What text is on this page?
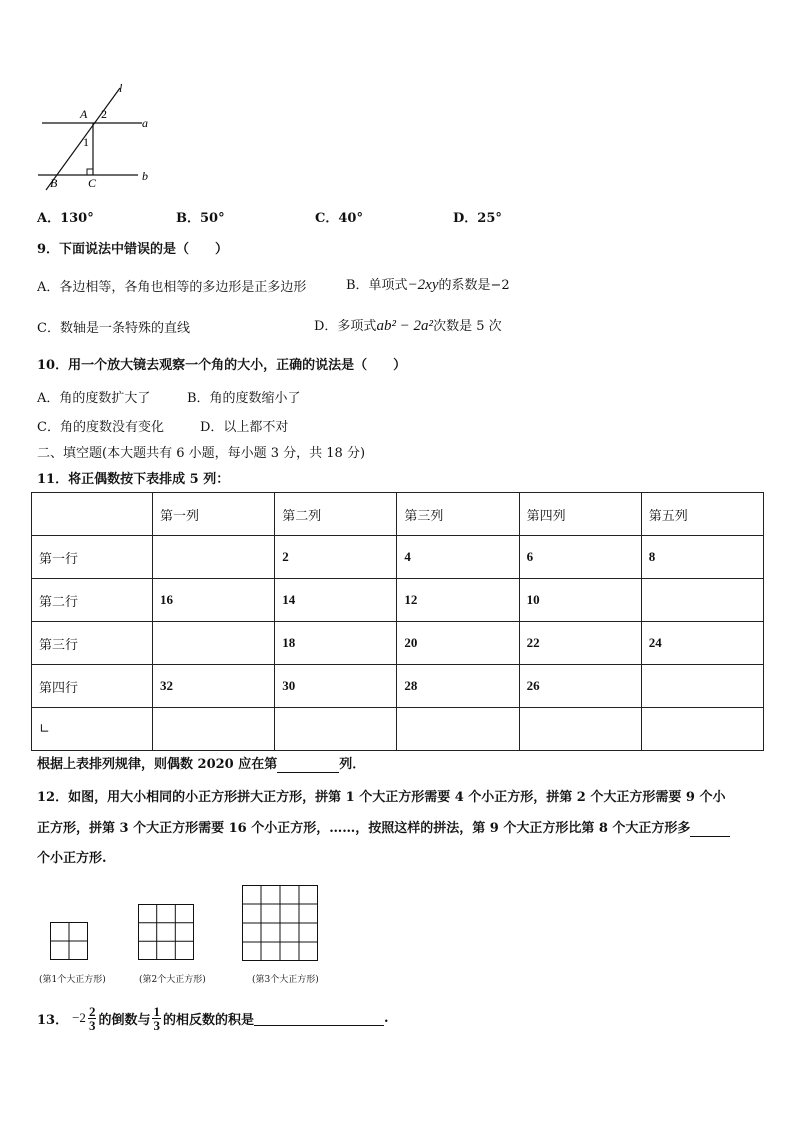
l
A 2
a
1
B	C	b
A．130°	B．50°	C．40°	D．25°
9．下面说法中错误的是（　　）
A．各边相等，各角也相等的多边形是正多边形	B．单项式−2xy的系数是−2
C．数轴是一条特殊的直线	D．多项式ab² − 2a²次数是 5 次
10．用一个放大镜去观察一个角的大小，正确的说法是（　　）
A．角的度数扩大了	B．角的度数缩小了
C．角的度数没有变化	D．以上都不对
二、填空题(本大题共有 6 小题，每小题 3 分，共 18 分)
11．将正偶数按下表排成 5 列：
	第一列	第二列	第三列	第四列	第五列
第一行		2	4	6	8
第二行	16	14	12	10	
第三行		18	20	22	24
第四行	32	30	28	26	
∟					
根据上表排列规律，则偶数 2020 应在第	列．
12．如图，用大小相同的小正方形拼大正方形，拼第 1 个大正方形需要 4 个小正方形，拼第 2 个大正方形需要 9 个小
正方形，拼第 3 个大正方形需要 16 个小正方形，……，按照这样的拼法，第 9 个大正方形比第 8 个大正方形多
个小正方形.
(第1个大正方形)	(第2个大正方形)	(第3个大正方形)
13． $-2 \frac{2}{3}$ 的倒数与 $\frac{1}{3}$ 的相反数的积是
	.
